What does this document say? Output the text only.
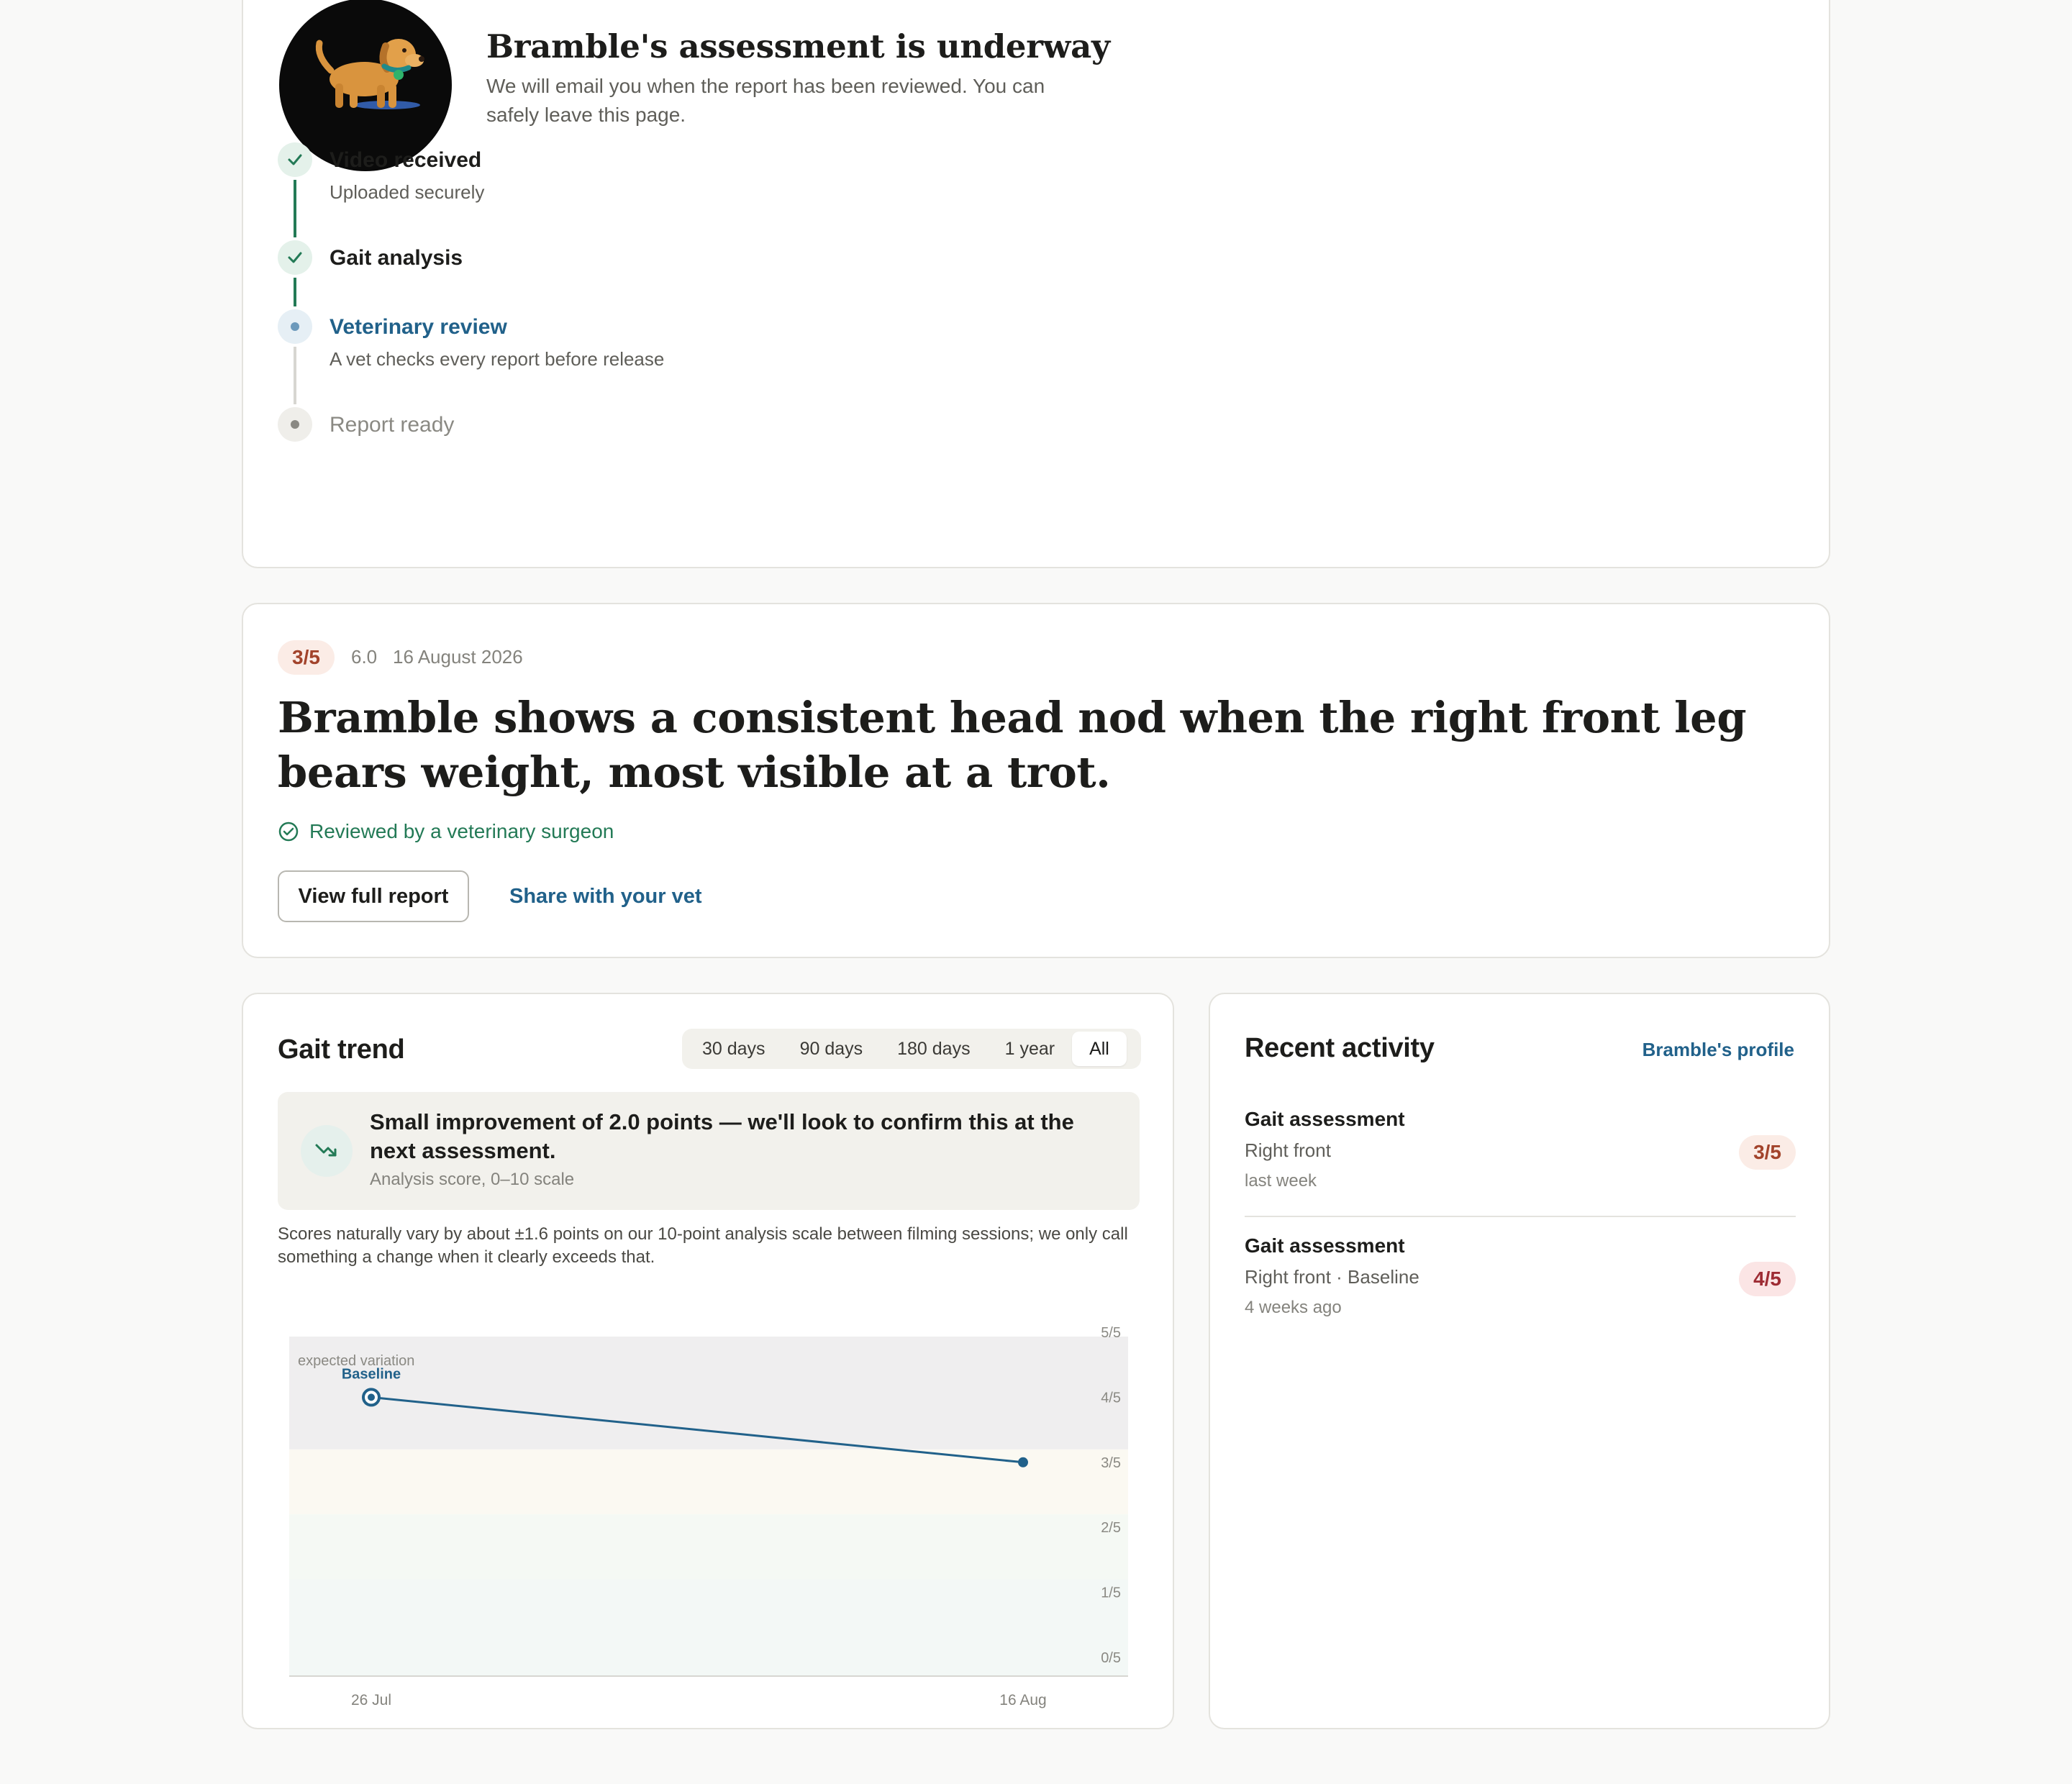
Bramble's assessment is underway
We will email you when the report has been reviewed. You can safely leave this page.
Video received
Uploaded securely
Gait analysis
Veterinary review
A vet checks every report before release
Report ready
3/5	6.0 16 August 2026
Bramble shows a consistent head nod when the right front leg bears weight, most visible at a trot.
Reviewed by a veterinary surgeon
View full report	Share with your vet
Gait trend	30 days	90 days	180 days	1 year	All
Small improvement of 2.0 points — we'll look to confirm this at the next assessment.
Analysis score, 0–10 scale
Scores naturally vary by about ±1.6 points on our 10-point analysis scale between filming sessions; we only call something a change when it clearly exceeds that.
expected variation
0/5
1/5
2/5
3/5
4/5
5/5
26 Jul	16 Aug
Baseline
Recent activity	Bramble's profile
Gait assessment
Right front
last week
3/5
Gait assessment
Right front · Baseline
4 weeks ago
4/5
